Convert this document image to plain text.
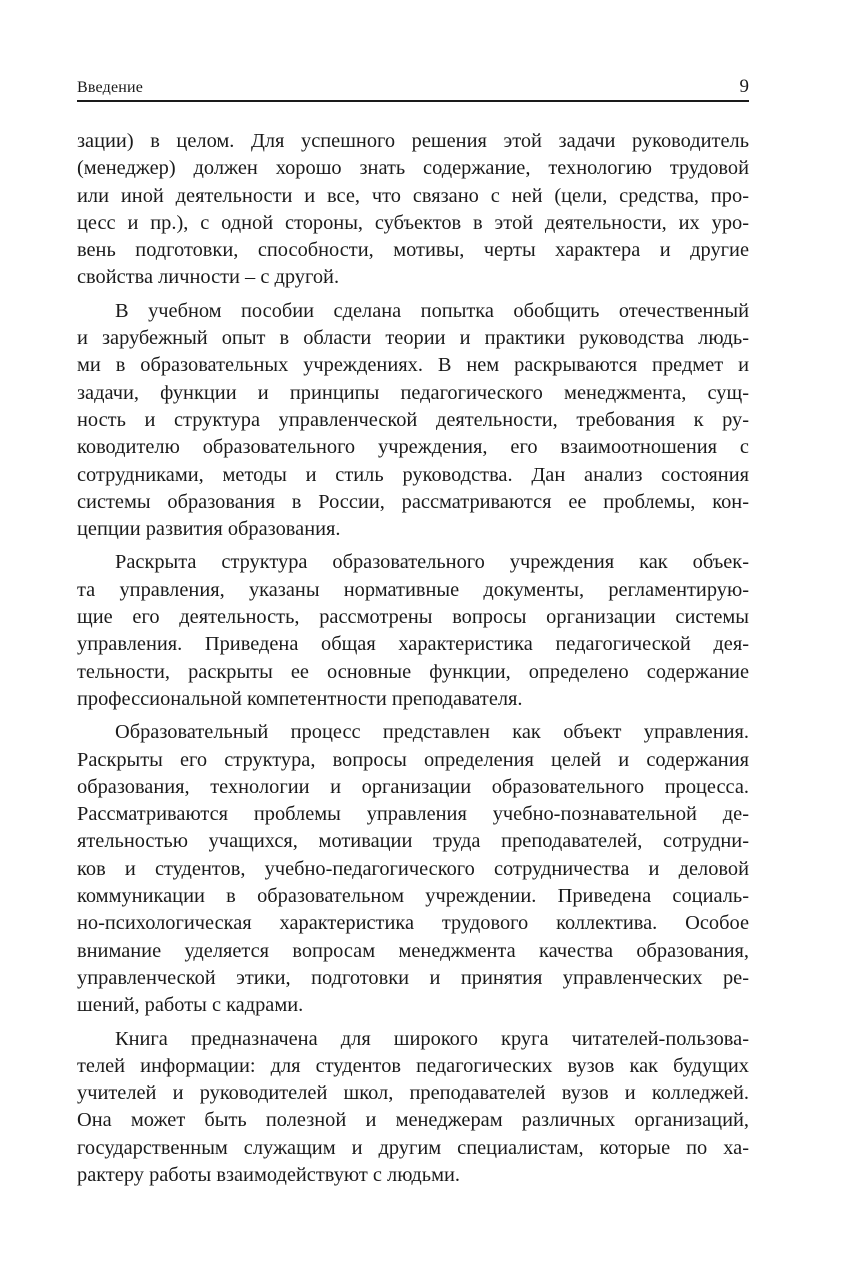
Введение	9

зации) в целом. Для успешного решения этой задачи руководитель
(менеджер) должен хорошо знать содержание, технологию трудовой
или иной деятельности и все, что связано с ней (цели, средства, про-
цесс и пр.), с одной стороны, субъектов в этой деятельности, их уро-
вень подготовки, способности, мотивы, черты характера и другие
свойства личности – с другой.

В учебном пособии сделана попытка обобщить отечественный
и зарубежный опыт в области теории и практики руководства людь-
ми в образовательных учреждениях. В нем раскрываются предмет и
задачи, функции и принципы педагогического менеджмента, сущ-
ность и структура управленческой деятельности, требования к ру-
ководителю образовательного учреждения, его взаимоотношения с
сотрудниками, методы и стиль руководства. Дан анализ состояния
системы образования в России, рассматриваются ее проблемы, кон-
цепции развития образования.

Раскрыта структура образовательного учреждения как объек-
та управления, указаны нормативные документы, регламентирую-
щие его деятельность, рассмотрены вопросы организации системы
управления. Приведена общая характеристика педагогической дея-
тельности, раскрыты ее основные функции, определено содержание
профессиональной компетентности преподавателя.

Образовательный процесс представлен как объект управления.
Раскрыты его структура, вопросы определения целей и содержания
образования, технологии и организации образовательного процесса.
Рассматриваются проблемы управления учебно-познавательной де-
ятельностью учащихся, мотивации труда преподавателей, сотрудни-
ков и студентов, учебно-педагогического сотрудничества и деловой
коммуникации в образовательном учреждении. Приведена социаль-
но-психологическая характеристика трудового коллектива. Особое
внимание уделяется вопросам менеджмента качества образования,
управленческой этики, подготовки и принятия управленческих ре-
шений, работы с кадрами.

Книга предназначена для широкого круга читателей-пользова-
телей информации: для студентов педагогических вузов как будущих
учителей и руководителей школ, преподавателей вузов и колледжей.
Она может быть полезной и менеджерам различных организаций,
государственным служащим и другим специалистам, которые по ха-
рактеру работы взаимодействуют с людьми.
